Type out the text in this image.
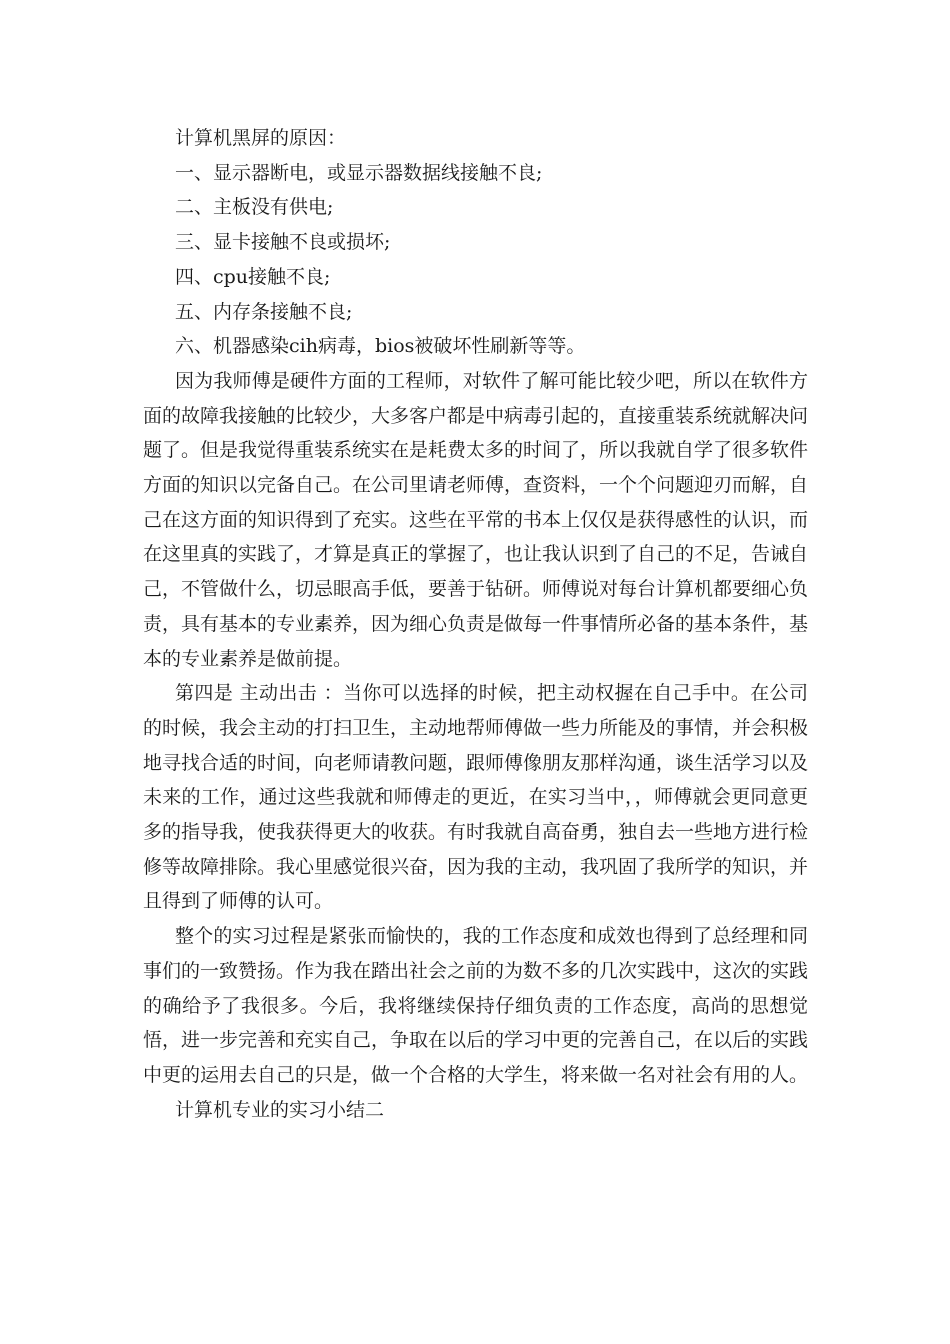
计算机黑屏的原因：

一、显示器断电，或显示器数据线接触不良;

二、主板没有供电;

三、显卡接触不良或损坏;

四、cpu接触不良;

五、内存条接触不良;

六、机器感染cih病毒，bios被破坏性刷新等等。

因为我师傅是硬件方面的工程师，对软件了解可能比较少吧，所以在软件方面的故障我接触的比较少，大多客户都是中病毒引起的，直接重装系统就解决问题了。但是我觉得重装系统实在是耗费太多的时间了，所以我就自学了很多软件方面的知识以完备自己。在公司里请老师傅，查资料，一个个问题迎刃而解，自己在这方面的知识得到了充实。这些在平常的书本上仅仅是获得感性的认识，而在这里真的实践了，才算是真正的掌握了，也让我认识到了自己的不足，告诫自己，不管做什么，切忌眼高手低，要善于钻研。师傅说对每台计算机都要细心负责，具有基本的专业素养，因为细心负责是做每一件事情所必备的基本条件，基本的专业素养是做前提。

第四是 主动出击 ：当你可以选择的时候，把主动权握在自己手中。在公司的时候，我会主动的打扫卫生，主动地帮师傅做一些力所能及的事情，并会积极地寻找合适的时间，向老师请教问题，跟师傅像朋友那样沟通，谈生活学习以及未来的工作，通过这些我就和师傅走的更近，在实习当中，，师傅就会更同意更多的指导我，使我获得更大的收获。有时我就自高奋勇，独自去一些地方进行检修等故障排除。我心里感觉很兴奋，因为我的主动，我巩固了我所学的知识，并且得到了师傅的认可。

整个的实习过程是紧张而愉快的，我的工作态度和成效也得到了总经理和同事们的一致赞扬。作为我在踏出社会之前的为数不多的几次实践中，这次的实践的确给予了我很多。今后，我将继续保持仔细负责的工作态度，高尚的思想觉悟，进一步完善和充实自己，争取在以后的学习中更的完善自己，在以后的实践中更的运用去自己的只是，做一个合格的大学生，将来做一名对社会有用的人。

计算机专业的实习小结二
